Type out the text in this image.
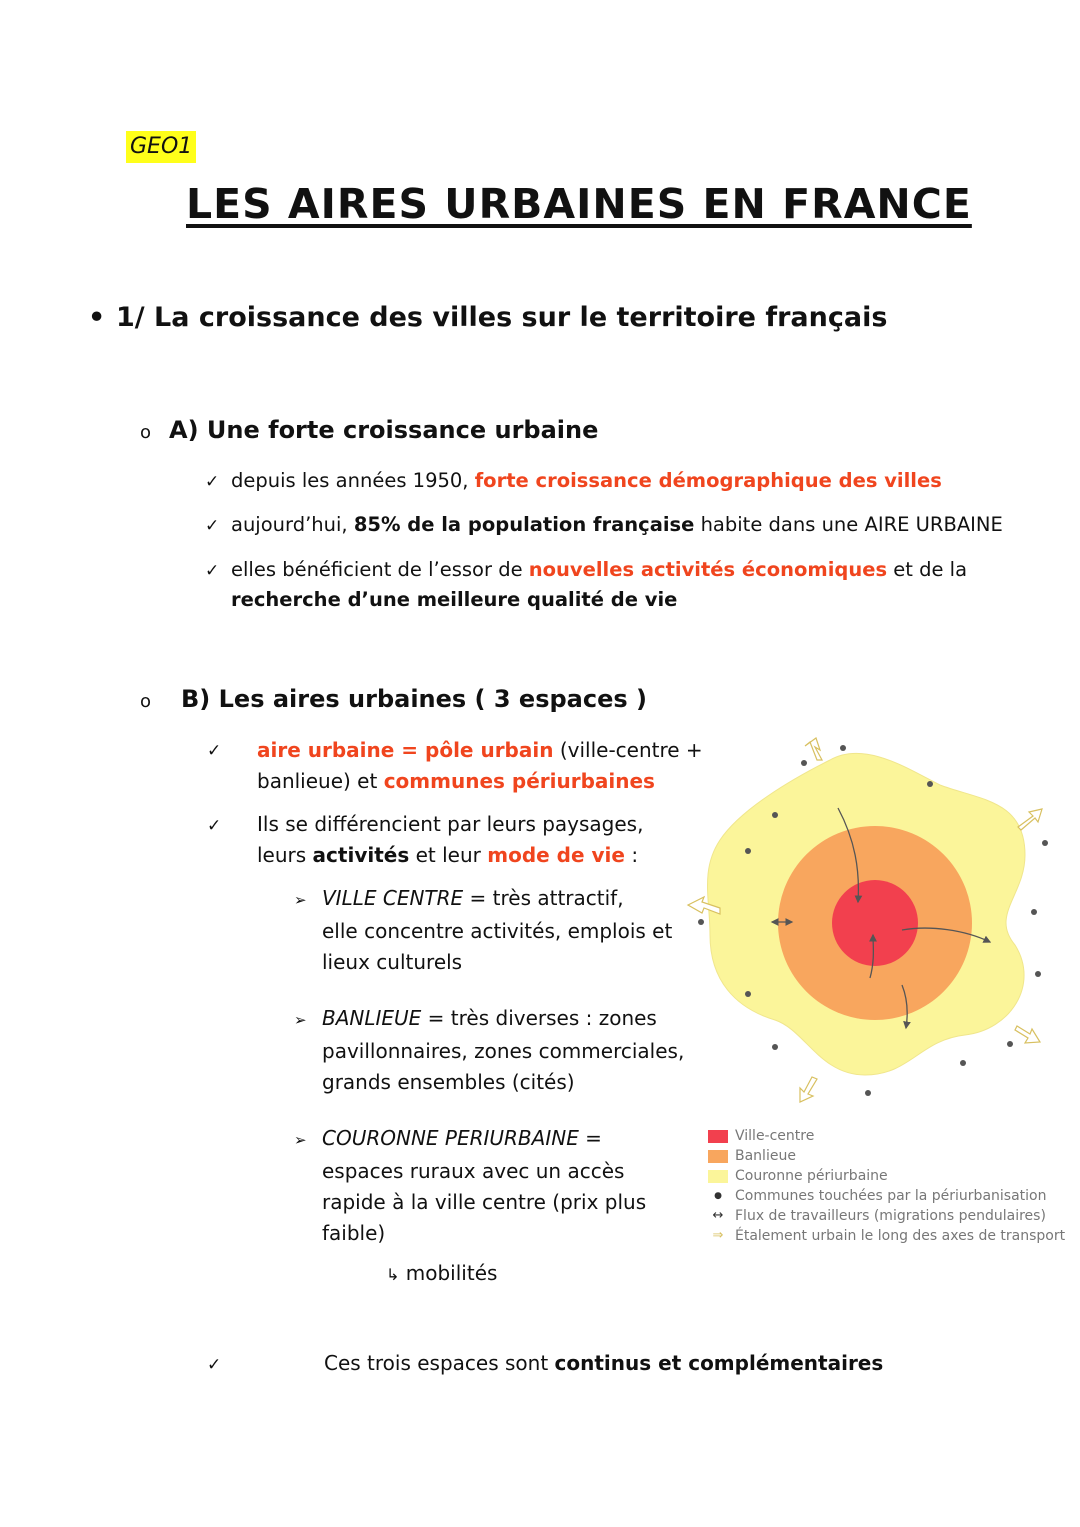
GEO1
LES AIRES URBAINES EN FRANCE
• 1/ La croissance des villes sur le territoire français
o A) Une forte croissance urbaine
✓ depuis les années 1950, forte croissance démographique des villes
✓ aujourd’hui, 85% de la population française habite dans une AIRE URBAINE
✓ elles bénéficient de l’essor de nouvelles activités économiques et de la
recherche d’une meilleure qualité de vie
o B) Les aires urbaines ( 3 espaces )
✓	aire urbaine = pôle urbain (ville-centre +
banlieue) et communes périurbaines
✓	Ils se différencient par leurs paysages,
leurs activités et leur mode de vie :
➢ VILLE CENTRE = très attractif,
elle concentre activités, emplois et
lieux culturels
➢ BANLIEUE = très diverses : zones
pavillonnaires, zones commerciales,
grands ensembles (cités)
➢ COURONNE PERIURBAINE =
espaces ruraux avec un accès
rapide à la ville centre (prix plus
faible)
↳ mobilités
✓	Ces trois espaces sont continus et complémentaires
Ville-centre
Banlieue
Couronne périurbaine
● Communes touchées par la périurbanisation
↔ Flux de travailleurs (migrations pendulaires)
⇒ Étalement urbain le long des axes de transport
